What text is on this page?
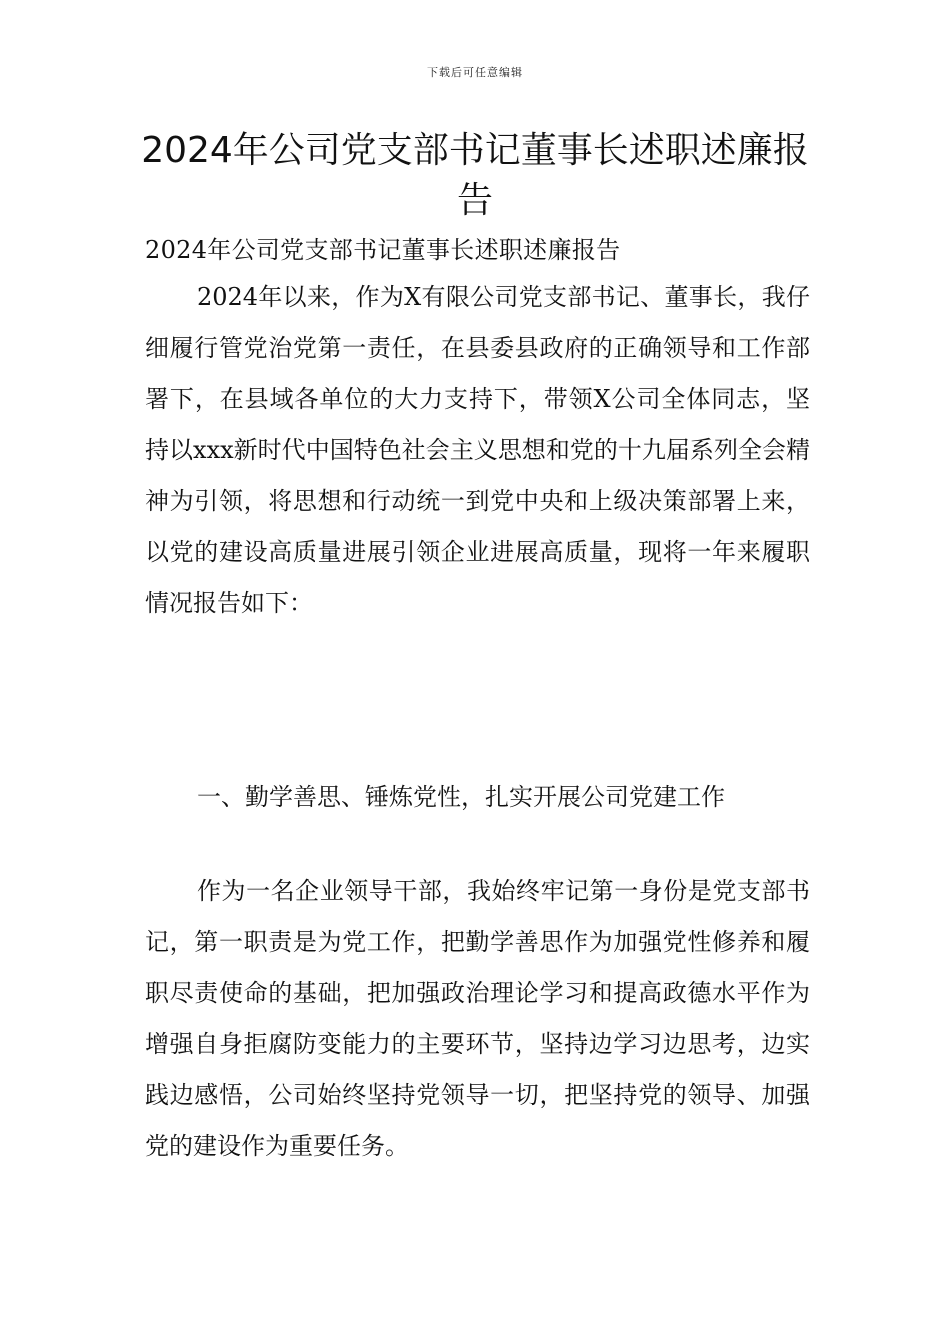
下载后可任意编辑
2024年公司党支部书记董事长述职述廉报告
2024年公司党支部书记董事长述职述廉报告

2024年以来，作为X有限公司党支部书记、董事长，我仔细履行管党治党第一责任，在县委县政府的正确领导和工作部署下，在县域各单位的大力支持下，带领X公司全体同志，坚持以xxx新时代中国特色社会主义思想和党的十九届系列全会精神为引领，将思想和行动统一到党中央和上级决策部署上来，以党的建设高质量进展引领企业进展高质量，现将一年来履职情况报告如下：

一、勤学善思、锤炼党性，扎实开展公司党建工作

作为一名企业领导干部，我始终牢记第一身份是党支部书记，第一职责是为党工作，把勤学善思作为加强党性修养和履职尽责使命的基础，把加强政治理论学习和提高政德水平作为增强自身拒腐防变能力的主要环节，坚持边学习边思考，边实践边感悟，公司始终坚持党领导一切，把坚持党的领导、加强党的建设作为重要任务。
